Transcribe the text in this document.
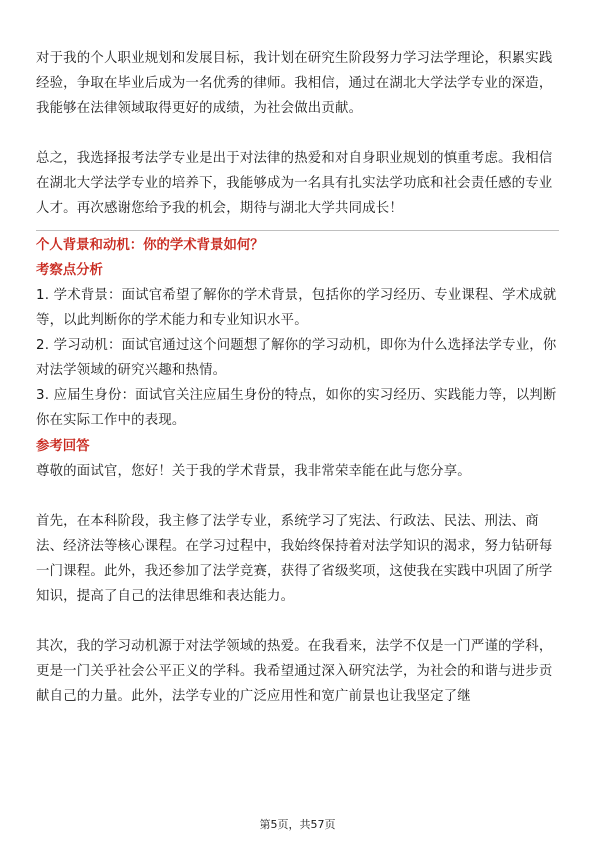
对于我的个人职业规划和发展目标，我计划在研究生阶段努力学习法学理论，积累实践经验，争取在毕业后成为一名优秀的律师。我相信，通过在湖北大学法学专业的深造，我能够在法律领域取得更好的成绩，为社会做出贡献。

总之，我选择报考法学专业是出于对法律的热爱和对自身职业规划的慎重考虑。我相信在湖北大学法学专业的培养下，我能够成为一名具有扎实法学功底和社会责任感的专业人才。再次感谢您给予我的机会，期待与湖北大学共同成长！

个人背景和动机：你的学术背景如何？
考察点分析

1. 学术背景：面试官希望了解你的学术背景，包括你的学习经历、专业课程、学术成就等，以此判断你的学术能力和专业知识水平。

2. 学习动机：面试官通过这个问题想了解你的学习动机，即你为什么选择法学专业，你对法学领域的研究兴趣和热情。

3. 应届生身份：面试官关注应届生身份的特点，如你的实习经历、实践能力等，以判断你在实际工作中的表现。

参考回答

尊敬的面试官，您好！关于我的学术背景，我非常荣幸能在此与您分享。

首先，在本科阶段，我主修了法学专业，系统学习了宪法、行政法、民法、刑法、商法、经济法等核心课程。在学习过程中，我始终保持着对法学知识的渴求，努力钻研每一门课程。此外，我还参加了法学竞赛，获得了省级奖项，这使我在实践中巩固了所学知识，提高了自己的法律思维和表达能力。

其次，我的学习动机源于对法学领域的热爱。在我看来，法学不仅是一门严谨的学科，更是一门关乎社会公平正义的学科。我希望通过深入研究法学，为社会的和谐与进步贡献自己的力量。此外，法学专业的广泛应用性和宽广前景也让我坚定了继

第5页，共57页
